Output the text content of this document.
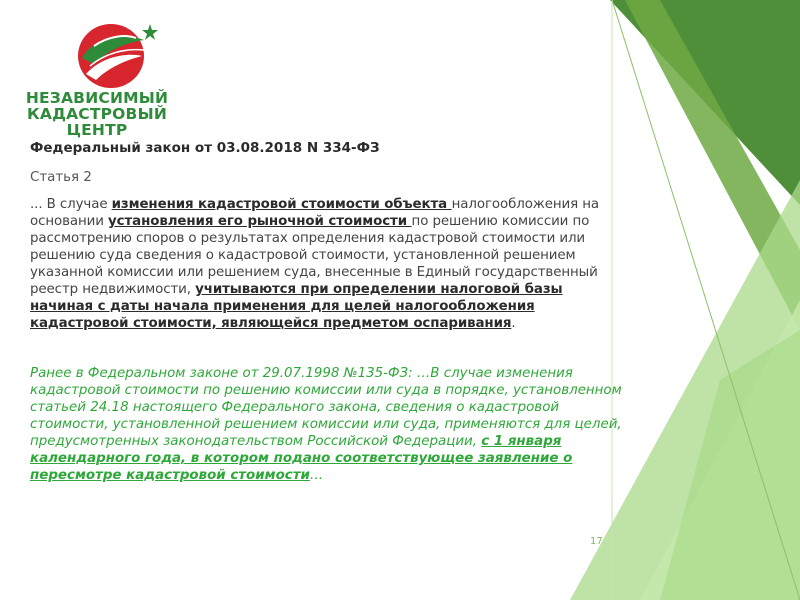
НЕЗАВИСИМЫЙ
КАДАСТРОВЫЙ
ЦЕНТР
Федеральный закон от 03.08.2018 N 334-ФЗ
Статья 2
... В случае изменения кадастровой стоимости объекта налогообложения на основании установления его рыночной стоимости по решению комиссии по рассмотрению споров о результатах определения кадастровой стоимости или решению суда сведения о кадастровой стоимости, установленной решением указанной комиссии или решением суда, внесенные в Единый государственный реестр недвижимости, учитываются при определении налоговой базы начиная с даты начала применения для целей налогообложения кадастровой стоимости, являющейся предметом оспаривания.
Ранее в Федеральном законе от 29.07.1998 №135-ФЗ: …В случае изменения кадастровой стоимости по решению комиссии или суда в порядке, установленном статьей 24.18 настоящего Федерального закона, сведения о кадастровой стоимости, установленной решением комиссии или суда, применяются для целей, предусмотренных законодательством Российской Федерации, с 1 января календарного года, в котором подано соответствующее заявление о пересмотре кадастровой стоимости…
17
